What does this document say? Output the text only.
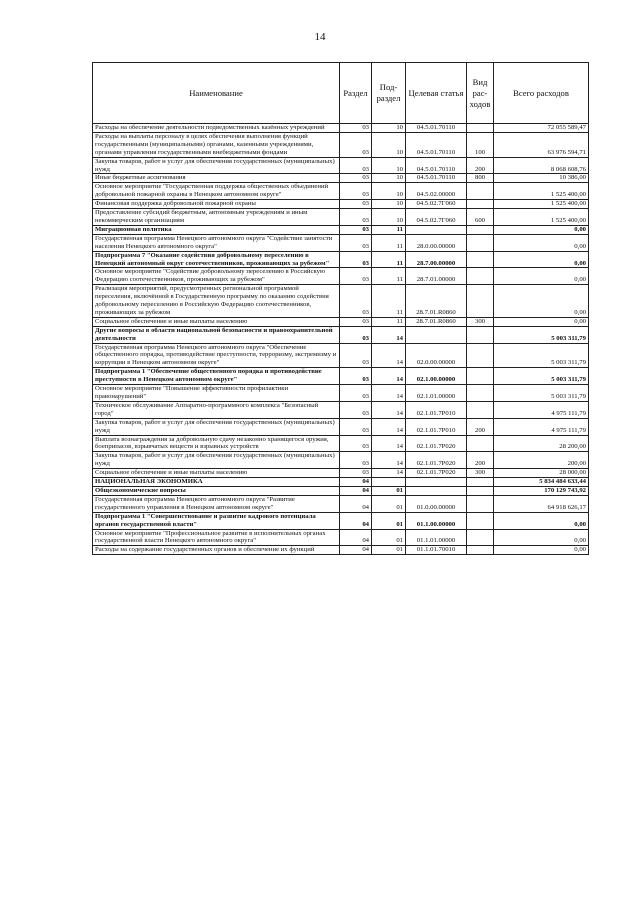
14
Наименование	Раздел	Под-раздел	Целевая статья	Вид рас-ходов	Всего расходов
Расходы на обеспечение деятельности подведомственных казённых учреждений	03	10	04.5.01.70110		72 055 589,47
Расходы на выплаты персоналу в целях обеспечения выполнения функций государственными (муниципальными) органами, казенными учреждениями, органами управления государственными внебюджетными фондами	03	10	04.5.01.70110	100	63 976 594,71
Закупка товаров, работ и услуг для обеспечения государственных (муниципальных) нужд	03	10	04.5.01.70110	200	8 068 608,76
Иные бюджетные ассигнования	03	10	04.5.01.70110	800	10 386,00
Основное мероприятие "Государственная поддержка общественных объединений добровольной пожарной охраны в Ненецком автономном округе"	03	10	04.5.02.00000		1 525 400,00
Финансовая поддержка добровольной пожарной охраны	03	10	04.5.02.7Г060		1 525 400,00
Предоставление субсидий бюджетным, автономным учреждениям и иным некоммерческим организациям	03	10	04.5.02.7Г060	600	1 525 400,00
Миграционная политика	03	11			0,00
Государственная программа Ненецкого автономного округа "Содействие занятости населения Ненецкого автономного округа"	03	11	28.0.00.00000		0,00
Подпрограмма 7 "Оказание содействия добровольному переселению в Ненецкий автономный округ соотечественников, проживающих за рубежом"	03	11	28.7.00.00000		0,00
Основное мероприятие "Содействие добровольному переселению в Российскую Федерацию соотечественников, проживающих за рубежом"	03	11	28.7.01.00000		0,00
Реализация мероприятий, предусмотренных региональной программой переселения, включённой в Государственную программу по оказанию содействия добровольному переселению в Российскую Федерацию соотечественников, проживающих за рубежом	03	11	28.7.01.R0860		0,00
Социальное обеспечение и иные выплаты населению	03	11	28.7.01.R0860	300	0,00
Другие вопросы в области национальной безопасности и правоохранительной деятельности	03	14			5 003 311,79
Государственная программа Ненецкого автономного округа "Обеспечение общественного порядка, противодействие преступности, терроризму, экстремизму и коррупции в Ненецком автономном округе"	03	14	02.0.00.00000		5 003 311,79
Подпрограмма 1 "Обеспечение общественного порядка и противодействие преступности в Ненецком автономном округе"	03	14	02.1.00.00000		5 003 311,79
Основное мероприятие "Повышение эффективности профилактики правонарушений"	03	14	02.1.01.00000		5 003 311,79
Техническое обслуживание Аппаратно-программного комплекса "Безопасный город"	03	14	02.1.01.7Р010		4 975 111,79
Закупка товаров, работ и услуг для обеспечения государственных (муниципальных) нужд	03	14	02.1.01.7Р010	200	4 975 111,79
Выплата вознаграждения за добровольную сдачу незаконно хранящегося оружия, боеприпасов, взрывчатых веществ и взрывных устройств	03	14	02.1.01.7Р020		28 200,00
Закупка товаров, работ и услуг для обеспечения государственных (муниципальных) нужд	03	14	02.1.01.7Р020	200	200,00
Социальное обеспечение и иные выплаты населению	03	14	02.1.01.7Р020	300	28 000,00
НАЦИОНАЛЬНАЯ ЭКОНОМИКА	04				5 834 484 633,44
Общеэкономические вопросы	04	01			170 129 743,92
Государственная программа Ненецкого автономного округа "Развитие государственного управления в Ненецком автономном округе"	04	01	01.0.00.00000		64 918 626,17
Подпрограмма 1 "Совершенствование и развитие кадрового потенциала органов государственной власти"	04	01	01.1.00.00000		0,00
Основное мероприятие "Профессиональное развитие в исполнительных органах государственной власти Ненецкого автономного округа"	04	01	01.1.01.00000		0,00
Расходы на содержание государственных органов и обеспечение их функций	04	01	01.1.01.70010		0,00
